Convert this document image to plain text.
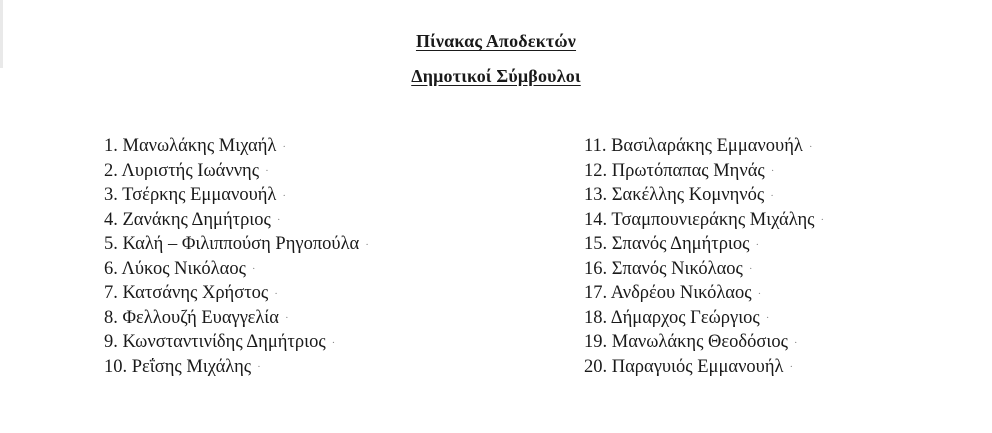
Πίνακας Αποδεκτών
Δημοτικοί Σύμβουλοι
1. Μανωλάκης Μιχαήλ ·
2. Λυριστής Ιωάννης ·
3. Τσέρκης Εμμανουήλ ·
4. Ζανάκης Δημήτριος ·
5. Καλή – Φιλιππούση Ρηγοπούλα ·
6. Λύκος Νικόλαος ·
7. Κατσάνης Χρήστος ·
8. Φελλουζή Ευαγγελία ·
9. Κωνσταντινίδης Δημήτριος ·
10. Ρεΐσης Μιχάλης ·
11. Βασιλαράκης Εμμανουήλ ·
12. Πρωτόπαπας Μηνάς ·
13. Σακέλλης Κομνηνός ·
14. Τσαμπουνιεράκης Μιχάλης ·
15. Σπανός Δημήτριος ·
16. Σπανός Νικόλαος ·
17. Ανδρέου Νικόλαος ·
18. Δήμαρχος Γεώργιος ·
19. Μανωλάκης Θεοδόσιος ·
20. Παραγυιός Εμμανουήλ ·
